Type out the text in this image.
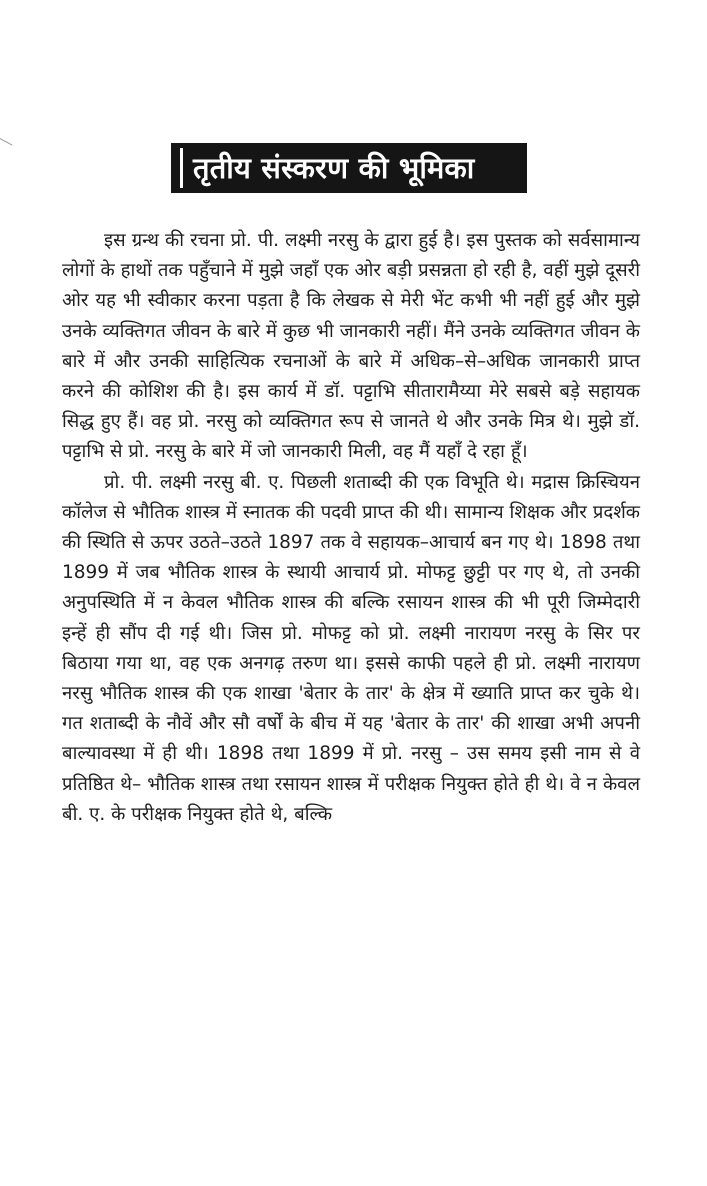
तृतीय संस्करण की भूमिका

इस ग्रन्थ की रचना प्रो. पी. लक्ष्मी नरसु के द्वारा हुई है। इस पुस्तक को सर्वसामान्य लोगों के हाथों तक पहुँचाने में मुझे जहाँ एक ओर बड़ी प्रसन्नता हो रही है, वहीं मुझे दूसरी ओर यह भी स्वीकार करना पड़ता है कि लेखक से मेरी भेंट कभी भी नहीं हुई और मुझे उनके व्यक्तिगत जीवन के बारे में कुछ भी जानकारी नहीं। मैंने उनके व्यक्तिगत जीवन के बारे में और उनकी साहित्यिक रचनाओं के बारे में अधिक–से–अधिक जानकारी प्राप्त करने की कोशिश की है। इस कार्य में डॉ. पट्टाभि सीतारामैय्या मेरे सबसे बड़े सहायक सिद्ध हुए हैं। वह प्रो. नरसु को व्यक्तिगत रूप से जानते थे और उनके मित्र थे। मुझे डॉ. पट्टाभि से प्रो. नरसु के बारे में जो जानकारी मिली, वह मैं यहाँ दे रहा हूँ।

प्रो. पी. लक्ष्मी नरसु बी. ए. पिछली शताब्दी की एक विभूति थे। मद्रास क्रिस्चियन कॉलेज से भौतिक शास्त्र में स्नातक की पदवी प्राप्त की थी। सामान्य शिक्षक और प्रदर्शक की स्थिति से ऊपर उठते–उठते 1897 तक वे सहायक–आचार्य बन गए थे। 1898 तथा 1899 में जब भौतिक शास्त्र के स्थायी आचार्य प्रो. मोफट्ट छुट्टी पर गए थे, तो उनकी अनुपस्थिति में न केवल भौतिक शास्त्र की बल्कि रसायन शास्त्र की भी पूरी जिम्मेदारी इन्हें ही सौंप दी गई थी। जिस प्रो. मोफट्ट को प्रो. लक्ष्मी नारायण नरसु के सिर पर बिठाया गया था, वह एक अनगढ़ तरुण था। इससे काफी पहले ही प्रो. लक्ष्मी नारायण नरसु भौतिक शास्त्र की एक शाखा 'बेतार के तार' के क्षेत्र में ख्याति प्राप्त कर चुके थे। गत शताब्दी के नौवें और सौ वर्षों के बीच में यह 'बेतार के तार' की शाखा अभी अपनी बाल्यावस्था में ही थी। 1898 तथा 1899 में प्रो. नरसु – उस समय इसी नाम से वे प्रतिष्ठित थे– भौतिक शास्त्र तथा रसायन शास्त्र में परीक्षक नियुक्त होते ही थे। वे न केवल बी. ए. के परीक्षक नियुक्त होते थे, बल्कि
